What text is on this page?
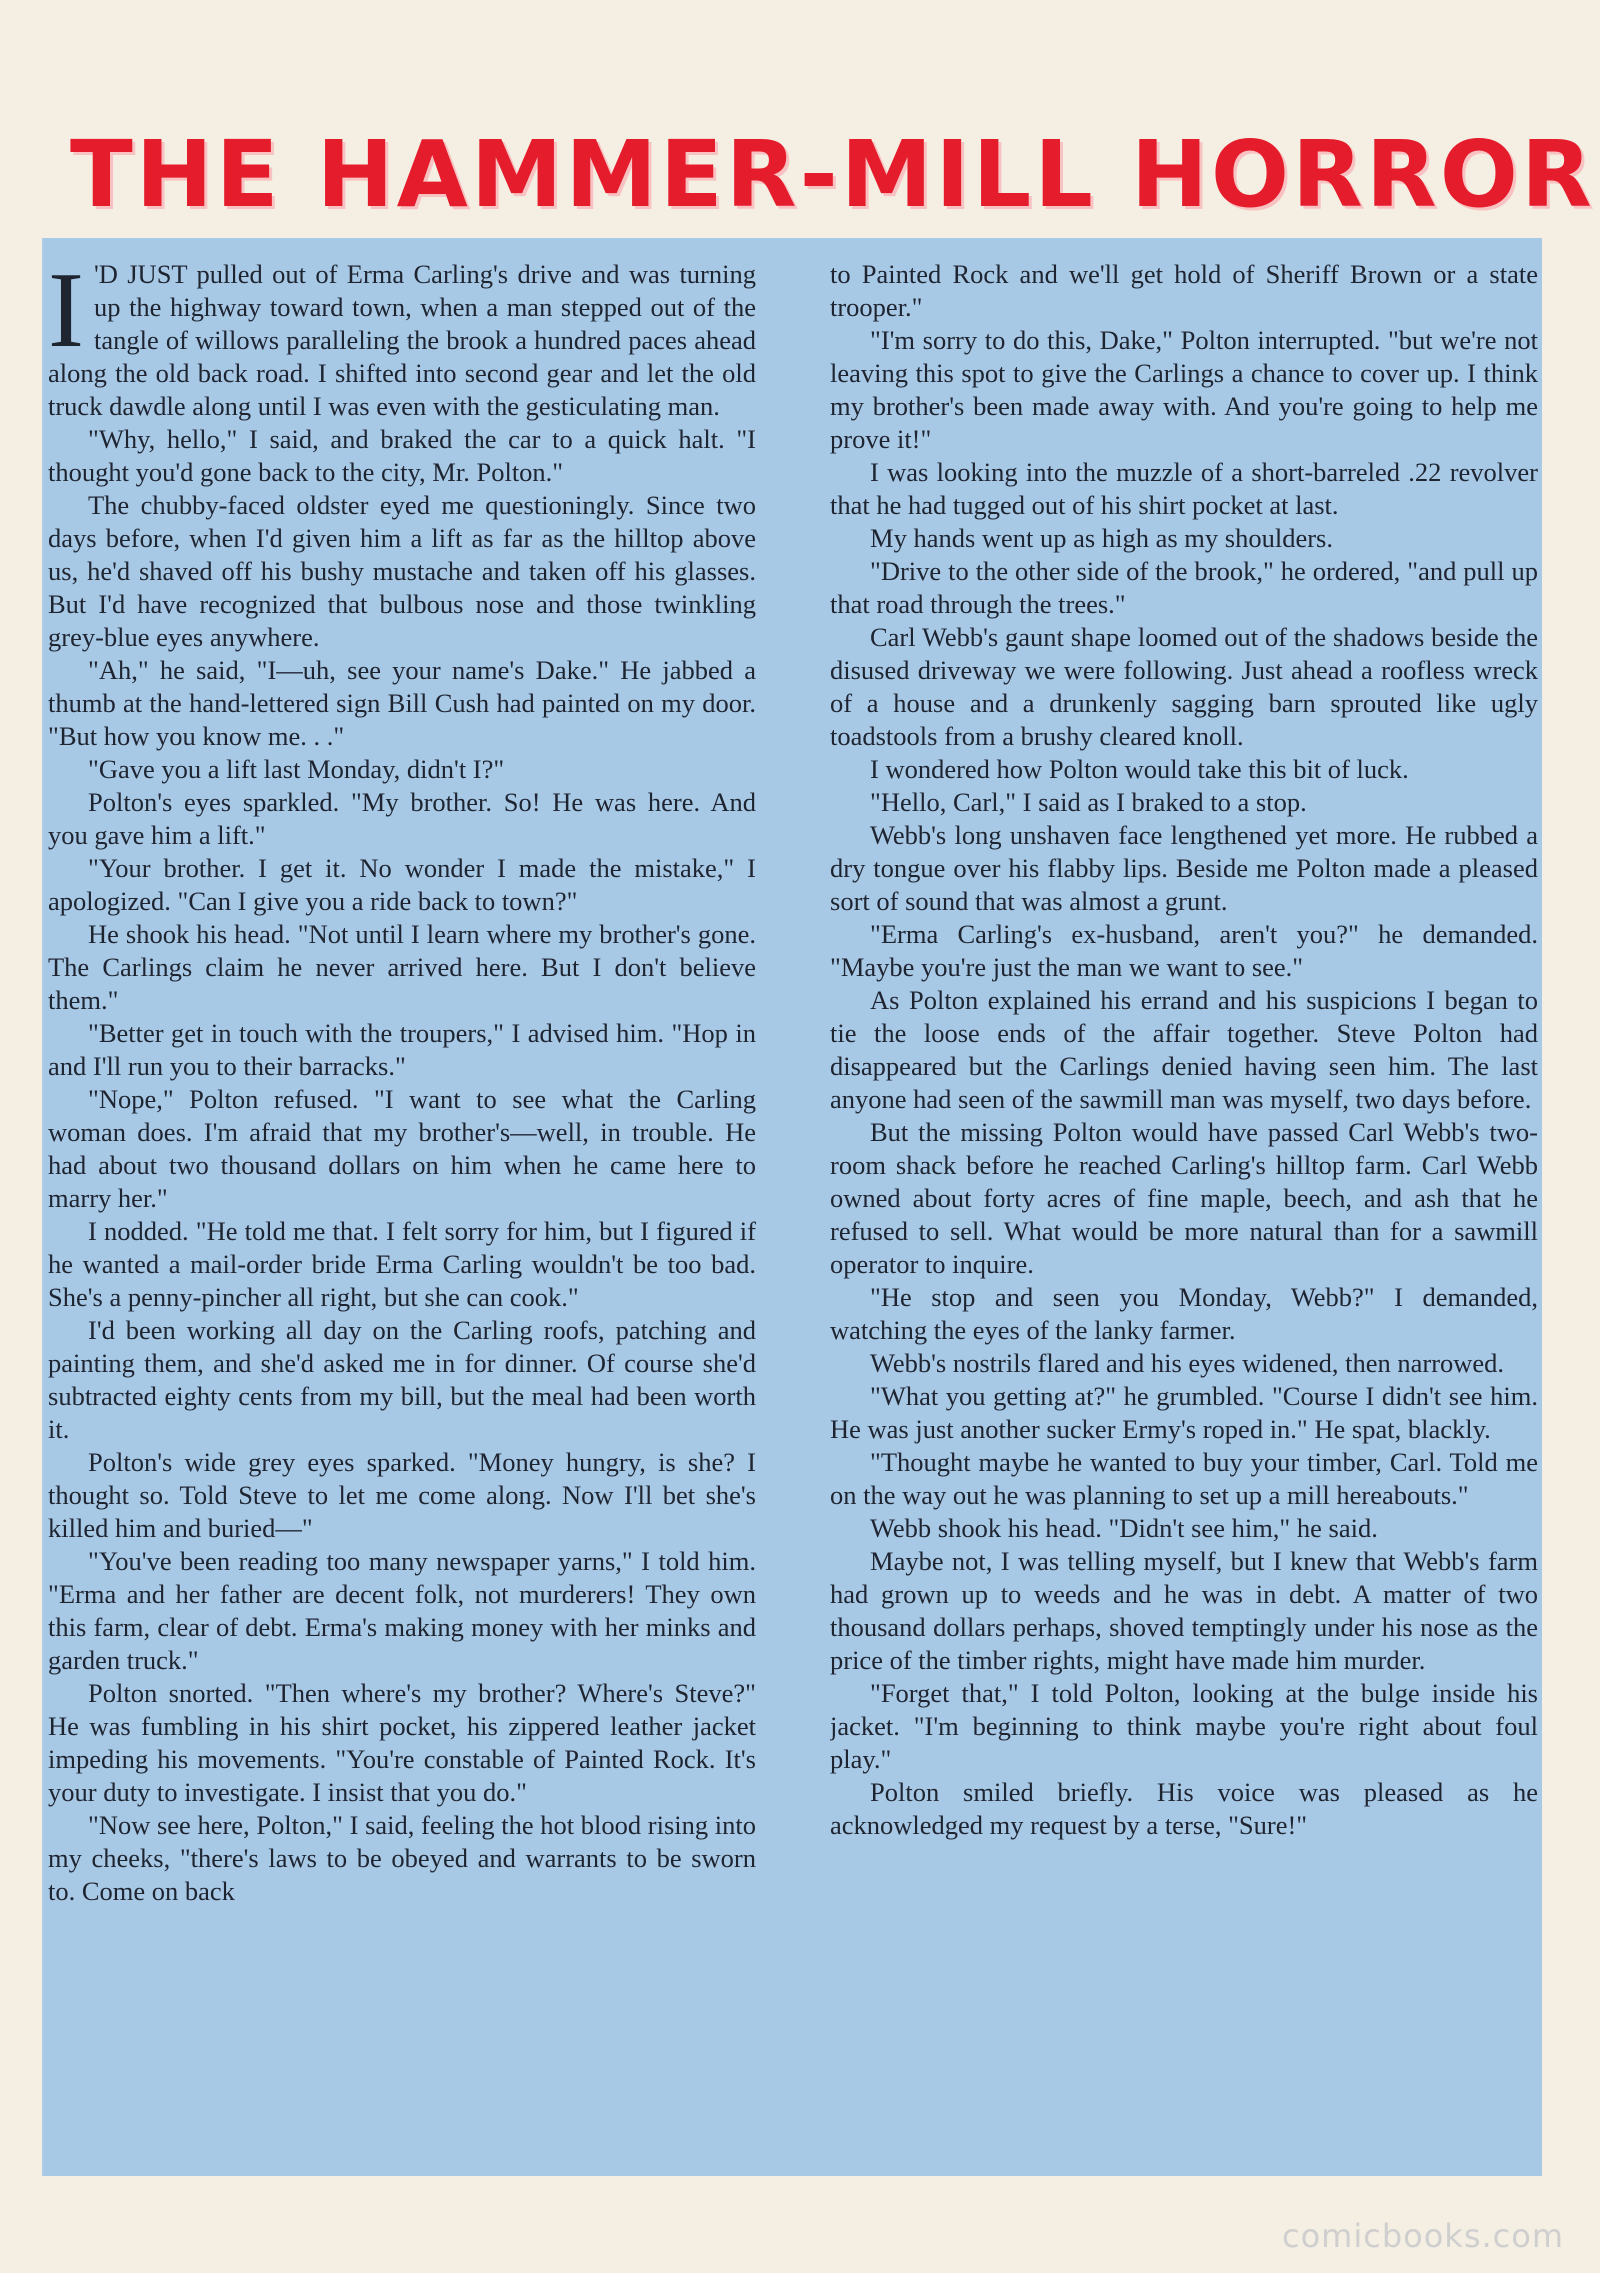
THE HAMMER-MILL HORROR

I 'D JUST pulled out of Erma Carling's drive and was turning up the highway toward town, when a man stepped out of the tangle of willows paralleling the brook a hundred paces ahead along the old back road. I shifted into second gear and let the old truck dawdle along until I was even with the gesticulating man.

"Why, hello," I said, and braked the car to a quick halt. "I thought you'd gone back to the city, Mr. Polton."

The chubby-faced oldster eyed me questioningly. Since two days before, when I'd given him a lift as far as the hilltop above us, he'd shaved off his bushy mustache and taken off his glasses. But I'd have recognized that bulbous nose and those twinkling grey-blue eyes anywhere.

"Ah," he said, "I—uh, see your name's Dake." He jabbed a thumb at the hand-lettered sign Bill Cush had painted on my door. "But how you know me. . ."

"Gave you a lift last Monday, didn't I?"

Polton's eyes sparkled. "My brother. So! He was here. And you gave him a lift."

"Your brother. I get it. No wonder I made the mistake," I apologized. "Can I give you a ride back to town?"

He shook his head. "Not until I learn where my brother's gone. The Carlings claim he never arrived here. But I don't believe them."

"Better get in touch with the troupers," I advised him. "Hop in and I'll run you to their barracks."

"Nope," Polton refused. "I want to see what the Carling woman does. I'm afraid that my brother's—well, in trouble. He had about two thousand dollars on him when he came here to marry her."

I nodded. "He told me that. I felt sorry for him, but I figured if he wanted a mail-order bride Erma Carling wouldn't be too bad. She's a penny-pincher all right, but she can cook."

I'd been working all day on the Carling roofs, patching and painting them, and she'd asked me in for dinner. Of course she'd subtracted eighty cents from my bill, but the meal had been worth it.

Polton's wide grey eyes sparked. "Money hungry, is she? I thought so. Told Steve to let me come along. Now I'll bet she's killed him and buried—"

"You've been reading too many newspaper yarns," I told him. "Erma and her father are decent folk, not murderers! They own this farm, clear of debt. Erma's making money with her minks and garden truck."

Polton snorted. "Then where's my brother? Where's Steve?" He was fumbling in his shirt pocket, his zippered leather jacket impeding his movements. "You're constable of Painted Rock. It's your duty to investigate. I insist that you do."

"Now see here, Polton," I said, feeling the hot blood rising into my cheeks, "there's laws to be obeyed and warrants to be sworn to. Come on back

to Painted Rock and we'll get hold of Sheriff Brown or a state trooper."

"I'm sorry to do this, Dake," Polton interrupted. "but we're not leaving this spot to give the Carlings a chance to cover up. I think my brother's been made away with. And you're going to help me prove it!"

I was looking into the muzzle of a short-barreled .22 revolver that he had tugged out of his shirt pocket at last.

My hands went up as high as my shoulders.

"Drive to the other side of the brook," he ordered, "and pull up that road through the trees."

Carl Webb's gaunt shape loomed out of the shadows beside the disused driveway we were following. Just ahead a roofless wreck of a house and a drunkenly sagging barn sprouted like ugly toadstools from a brushy cleared knoll.

I wondered how Polton would take this bit of luck.

"Hello, Carl," I said as I braked to a stop.

Webb's long unshaven face lengthened yet more. He rubbed a dry tongue over his flabby lips. Beside me Polton made a pleased sort of sound that was almost a grunt.

"Erma Carling's ex-husband, aren't you?" he demanded. "Maybe you're just the man we want to see."

As Polton explained his errand and his suspicions I began to tie the loose ends of the affair together. Steve Polton had disappeared but the Carlings denied having seen him. The last anyone had seen of the sawmill man was myself, two days before.

But the missing Polton would have passed Carl Webb's two-room shack before he reached Carling's hilltop farm. Carl Webb owned about forty acres of fine maple, beech, and ash that he refused to sell. What would be more natural than for a sawmill operator to inquire.

"He stop and seen you Monday, Webb?" I demanded, watching the eyes of the lanky farmer.

Webb's nostrils flared and his eyes widened, then narrowed.

"What you getting at?" he grumbled. "Course I didn't see him. He was just another sucker Ermy's roped in." He spat, blackly.

"Thought maybe he wanted to buy your timber, Carl. Told me on the way out he was planning to set up a mill hereabouts."

Webb shook his head. "Didn't see him," he said.

Maybe not, I was telling myself, but I knew that Webb's farm had grown up to weeds and he was in debt. A matter of two thousand dollars perhaps, shoved temptingly under his nose as the price of the timber rights, might have made him murder.

"Forget that," I told Polton, looking at the bulge inside his jacket. "I'm beginning to think maybe you're right about foul play."

Polton smiled briefly. His voice was pleased as he acknowledged my request by a terse, "Sure!"

comicbooks.com
